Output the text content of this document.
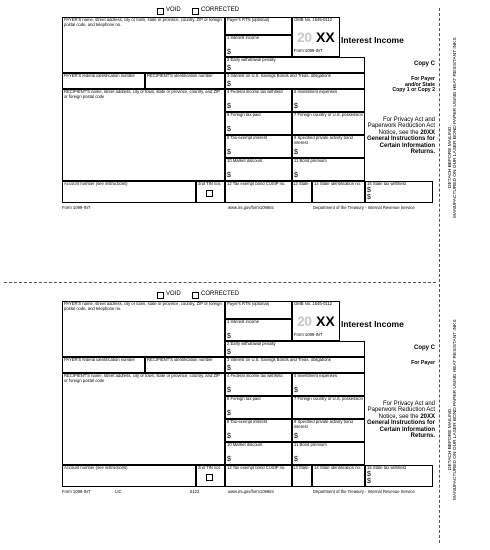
DETACH BEFORE MAILING MANUFACTURED ON OUR LASER BOND PAPER USING HEAT RESISTANT INKS
VOID	CORRECTED
PAYER'S name, street address, city or town, state or province, country, ZIP or foreign postal code, and telephone no.
Payer's RTN (optional)
1 Interest income
$
2 Early withdrawal penalty
$
OMB No. 1545-0112
20 XX
Form 1099-INT
Interest Income
PAYER'S federal identification number	RECIPIENT'S identification number	3 Interest on U.S. Savings Bonds and Treas. obligations
$
RECIPIENT'S name, street address, city or town, state or province, country, and ZIP or foreign postal code
4 Federal income tax withheld
$
5 Investment expenses
$
6 Foreign tax paid
$
7 Foreign country or U.S. possession
8 Tax-exempt interest
$
9 Specified private activity bond interest
$
10 Market discount
$
11 Bond premium
$
Copy C
For Payer
and/or State
Copy 1 or Copy 2
For Privacy Act and Paperwork Reduction Act Notice, see the 20XX General Instructions for Certain Information Returns.
Account number (see instructions)	2nd TIN not. 12 Tax exempt bond CUSIP no.	13 State 14 State identification no.	15 State tax withheld
$
$
Form 1099-INT	www.irs.gov/form1099int	Department of the Treasury - Internal Revenue Service
VOID	CORRECTED
PAYER'S name, street address, city or town, state or province, country, ZIP or foreign postal code, and telephone no.
Payer's RTN (optional)
1 Interest income
$
2 Early withdrawal penalty
$
OMB No. 1545-0112
20 XX
Form 1099-INT
Interest Income
PAYER'S federal identification number	RECIPIENT'S identification number	3 Interest on U.S. Savings Bonds and Treas. obligations
$
RECIPIENT'S name, street address, city or town, state or province, country, and ZIP or foreign postal code
4 Federal income tax withheld
$
5 Investment expenses
$
6 Foreign tax paid
$
7 Foreign country or U.S. possession
8 Tax-exempt interest
$
9 Specified private activity bond interest
$
10 Market discount
$
11 Bond premium
$
Copy C
For Payer
For Privacy Act and Paperwork Reduction Act Notice, see the 20XX General Instructions for Certain Information Returns.
Account number (see instructions)	2nd TIN not. 12 Tax exempt bond CUSIP no.	13 State 14 State identification no.	15 State tax withheld
$
$
Form 1099-INT	LIC	5122	www.irs.gov/form1099int	Department of the Treasury - Internal Revenue Service
DETACH BEFORE MAILING MANUFACTURED ON OUR LASER BOND PAPER USING HEAT RESISTANT INKS
